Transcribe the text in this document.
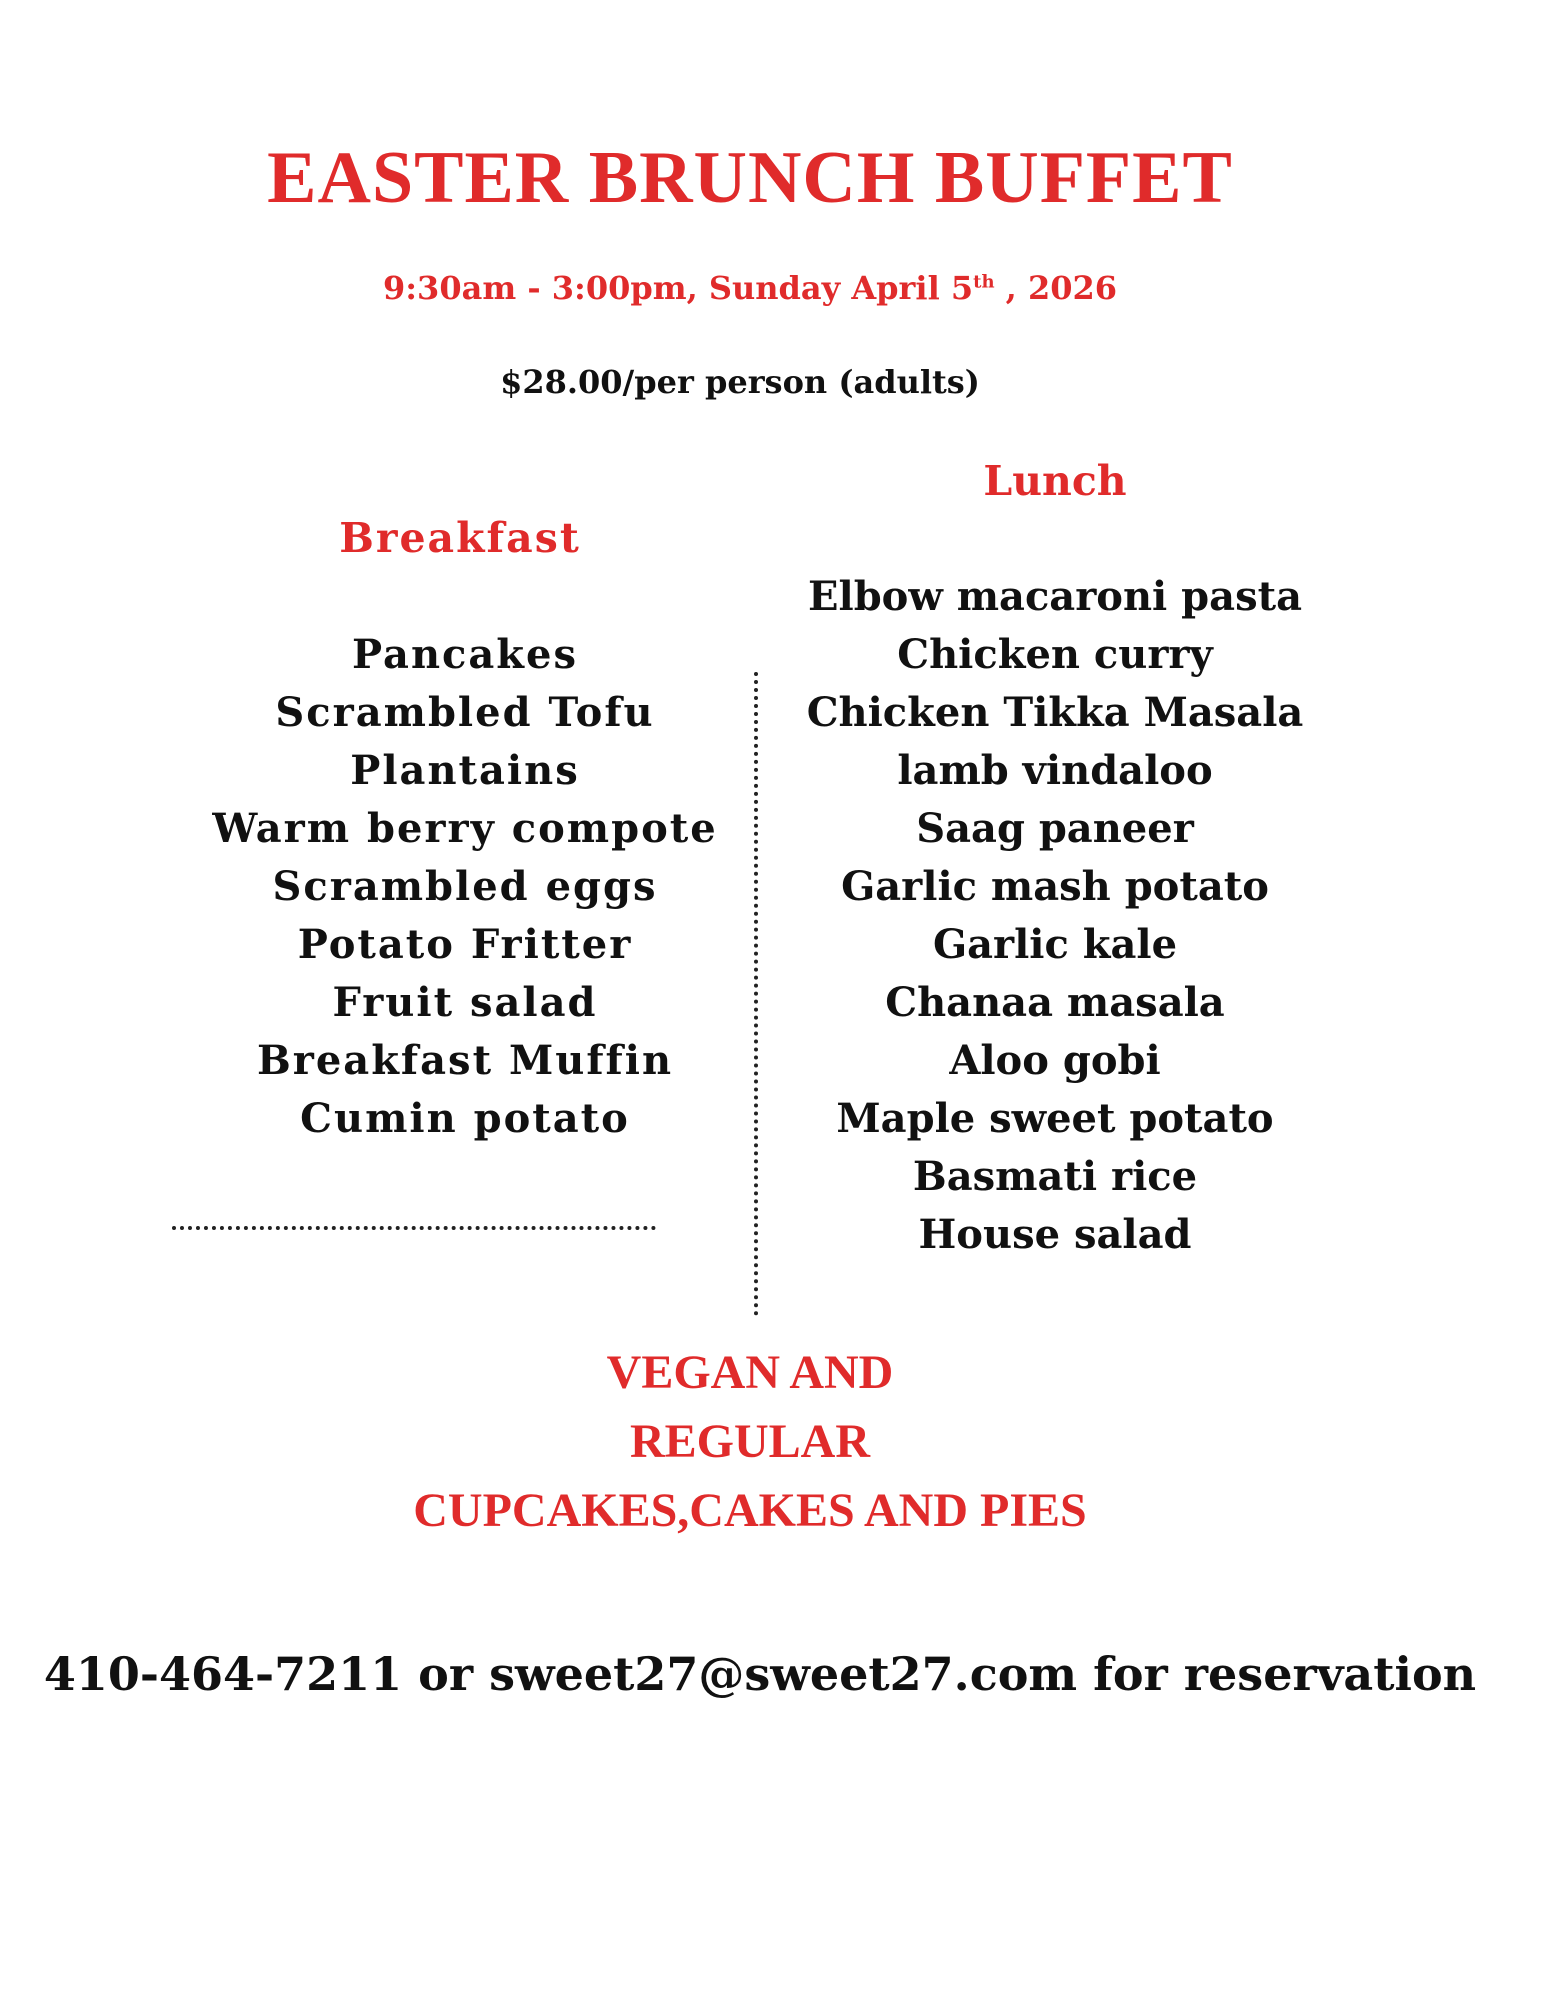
EASTER BRUNCH BUFFET
9:30am - 3:00pm, Sunday April 5th , 2026
$28.00/per person (adults)
Breakfast
Pancakes
Scrambled Tofu
Plantains
Warm berry compote
Scrambled eggs
Potato Fritter
Fruit salad
Breakfast Muffin
Cumin potato
Lunch
Elbow macaroni pasta
Chicken curry
Chicken Tikka Masala
lamb vindaloo
Saag paneer
Garlic mash potato
Garlic kale
Chanaa masala
Aloo gobi
Maple sweet potato
Basmati rice
House salad
VEGAN AND
REGULAR
CUPCAKES,CAKES AND PIES
410-464-7211 or sweet27@sweet27.com for reservation
